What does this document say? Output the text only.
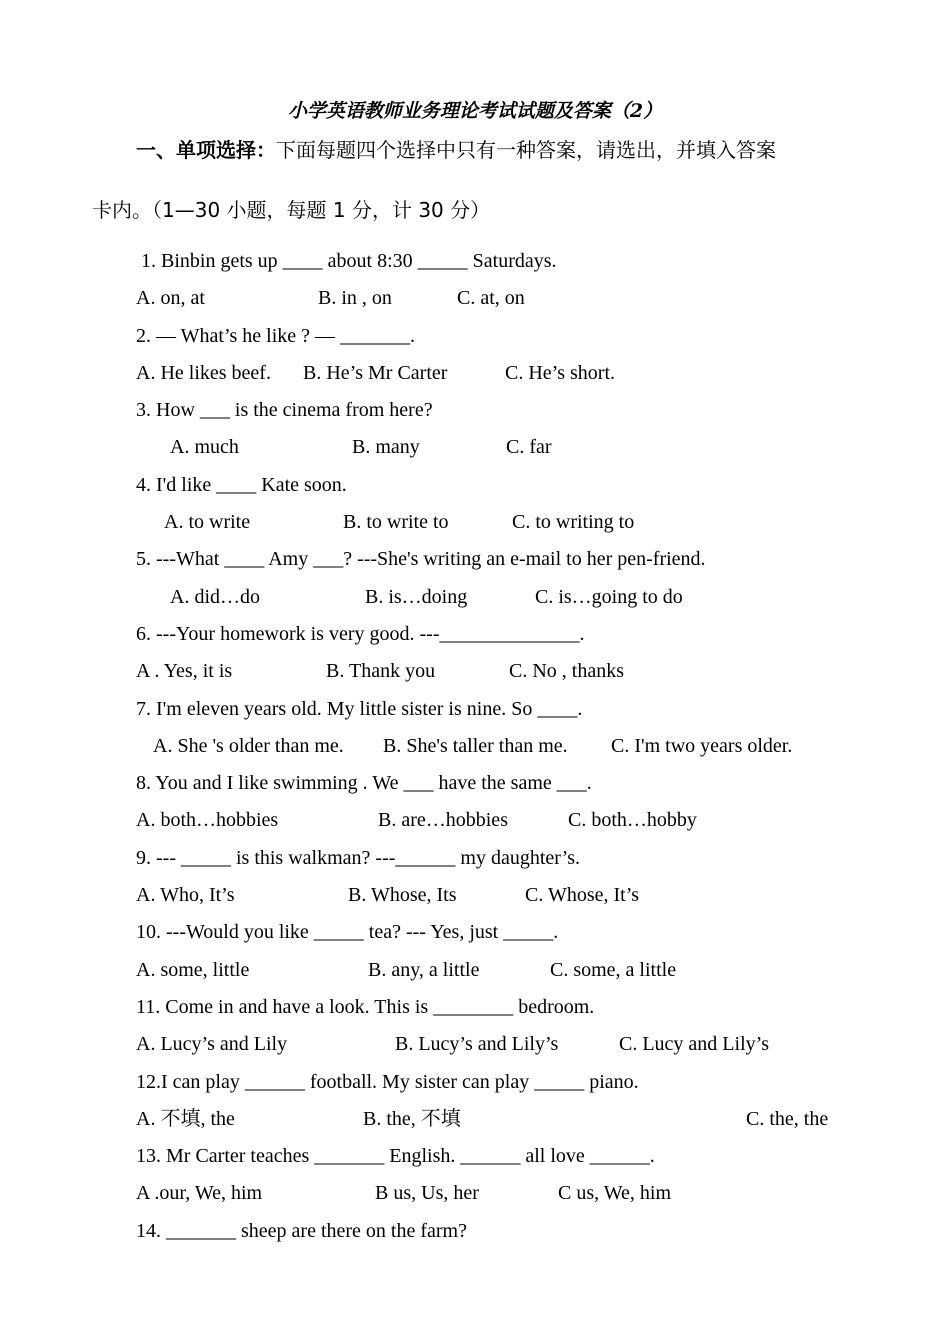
小学英语教师业务理论考试试题及答案（2）
一、单项选择：下面每题四个选择中只有一种答案，请选出，并填入答案
卡内。（1—30 小题，每题 1 分，计 30 分）
1. Binbin gets up ____ about 8:30 _____ Saturdays.
A. on, at	B. in , on	C. at, on
2. — What’s he like ? — _______.
A. He likes beef. B. He’s Mr Carter	C. He’s short.
3. How ___ is the cinema from here?
A. much	B. many	C. far
4. I'd like ____ Kate soon.
A. to write	B. to write to	C. to writing to
5. ---What ____ Amy ___? ---She's writing an e-mail to her pen-friend.
A. did…do	B. is…doing	C. is…going to do
6. ---Your homework is very good. ---______________.
A . Yes, it is	B. Thank you	C. No , thanks
7. I'm eleven years old. My little sister is nine. So ____.
A. She 's older than me. B. She's taller than me. C. I'm two years older.
8. You and I like swimming . We ___ have the same ___.
A. both…hobbies	B. are…hobbies	C. both…hobby
9. --- _____ is this walkman? ---______ my daughter’s.
A. Who, It’s	B. Whose, Its	C. Whose, It’s
10. ---Would you like _____ tea? --- Yes, just _____.
A. some, little	B. any, a little	C. some, a little
11. Come in and have a look. This is ________ bedroom.
A. Lucy’s and Lily	B. Lucy’s and Lily’s	C. Lucy and Lily’s
12.I can play ______ football. My sister can play _____ piano.
A. 不填, the	B. the, 不填	C. the, the
13. Mr Carter teaches _______ English. ______ all love ______.
A .our, We, him	B us, Us, her	C us, We, him
14. _______ sheep are there on the farm?
